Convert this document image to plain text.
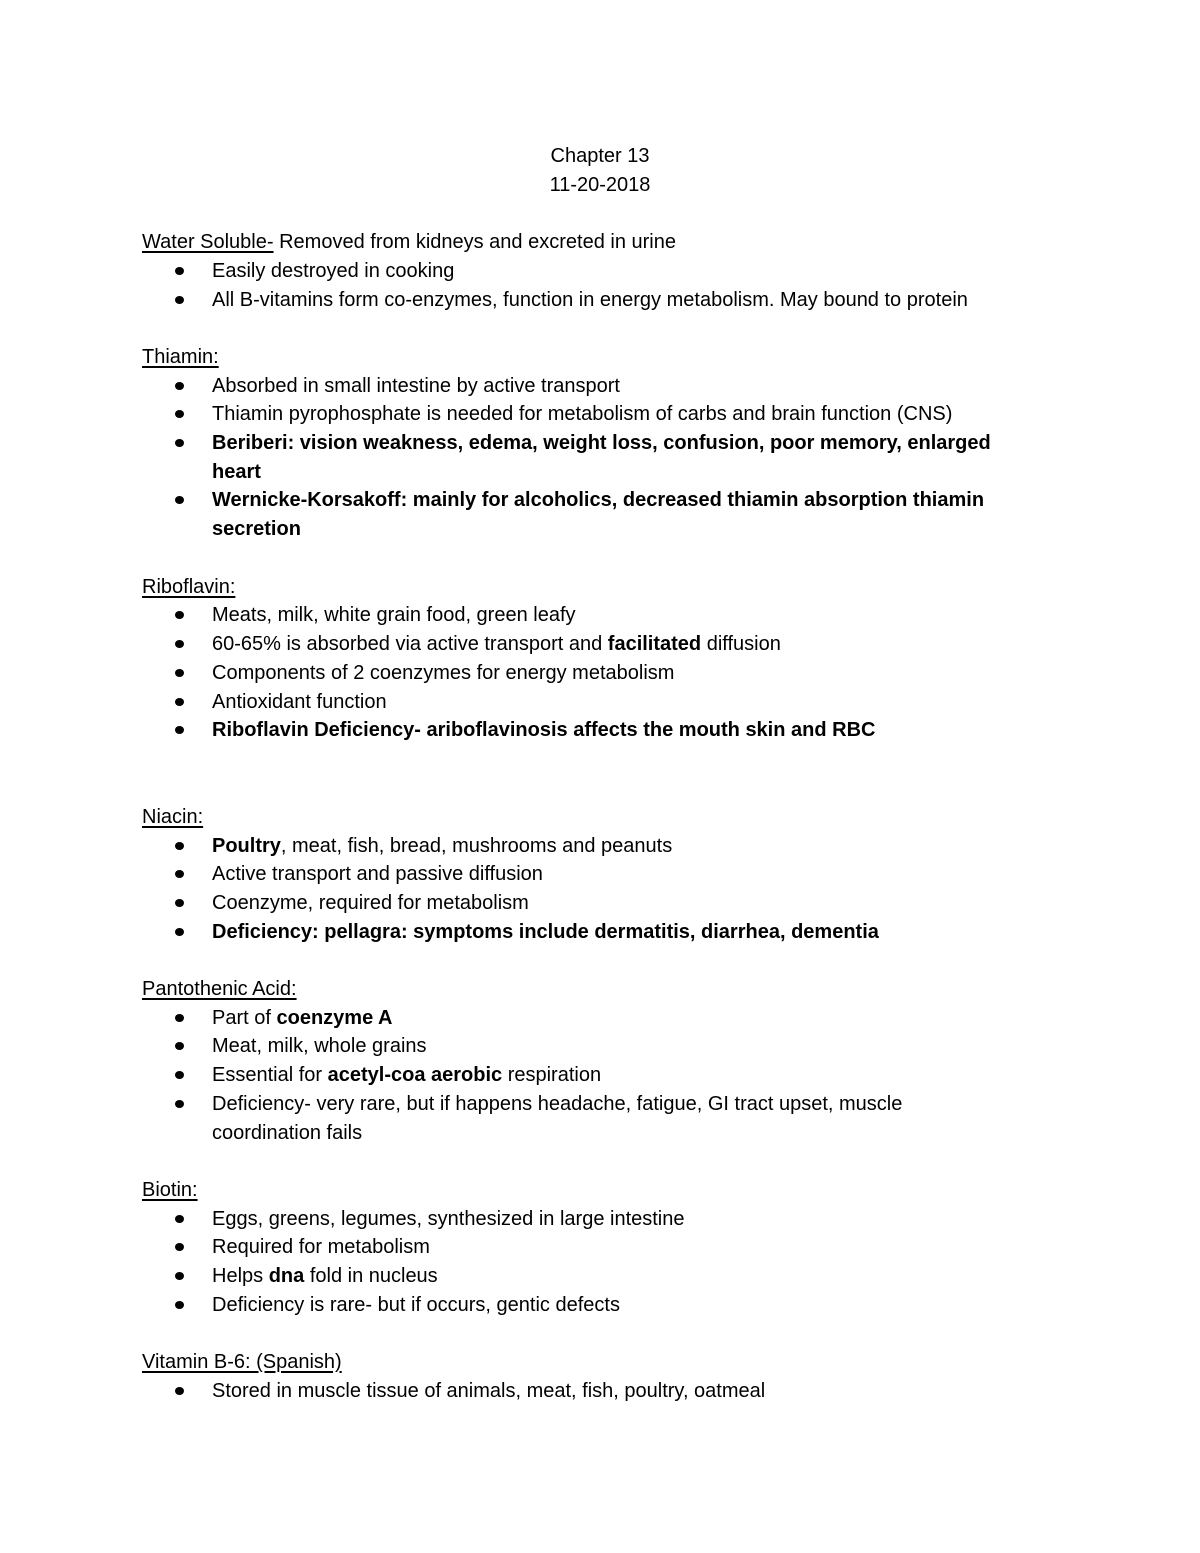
Chapter 13
11-20-2018
Water Soluble- Removed from kidneys and excreted in urine
Easily destroyed in cooking
All B-vitamins form co-enzymes, function in energy metabolism. May bound to protein
Thiamin:
Absorbed in small intestine by active transport
Thiamin pyrophosphate is needed for metabolism of carbs and brain function (CNS)
Beriberi: vision weakness, edema, weight loss, confusion, poor memory, enlarged
heart
Wernicke-Korsakoff: mainly for alcoholics, decreased thiamin absorption thiamin
secretion
Riboflavin:
Meats, milk, white grain food, green leafy
60-65% is absorbed via active transport and facilitated diffusion
Components of 2 coenzymes for energy metabolism
Antioxidant function
Riboflavin Deficiency- ariboflavinosis affects the mouth skin and RBC
Niacin:
Poultry, meat, fish, bread, mushrooms and peanuts
Active transport and passive diffusion
Coenzyme, required for metabolism
Deficiency: pellagra: symptoms include dermatitis, diarrhea, dementia
Pantothenic Acid:
Part of coenzyme A
Meat, milk, whole grains
Essential for acetyl-coa aerobic respiration
Deficiency- very rare, but if happens headache, fatigue, GI tract upset, muscle
coordination fails
Biotin:
Eggs, greens, legumes, synthesized in large intestine
Required for metabolism
Helps dna fold in nucleus
Deficiency is rare- but if occurs, gentic defects
Vitamin B-6: (Spanish)
Stored in muscle tissue of animals, meat, fish, poultry, oatmeal
